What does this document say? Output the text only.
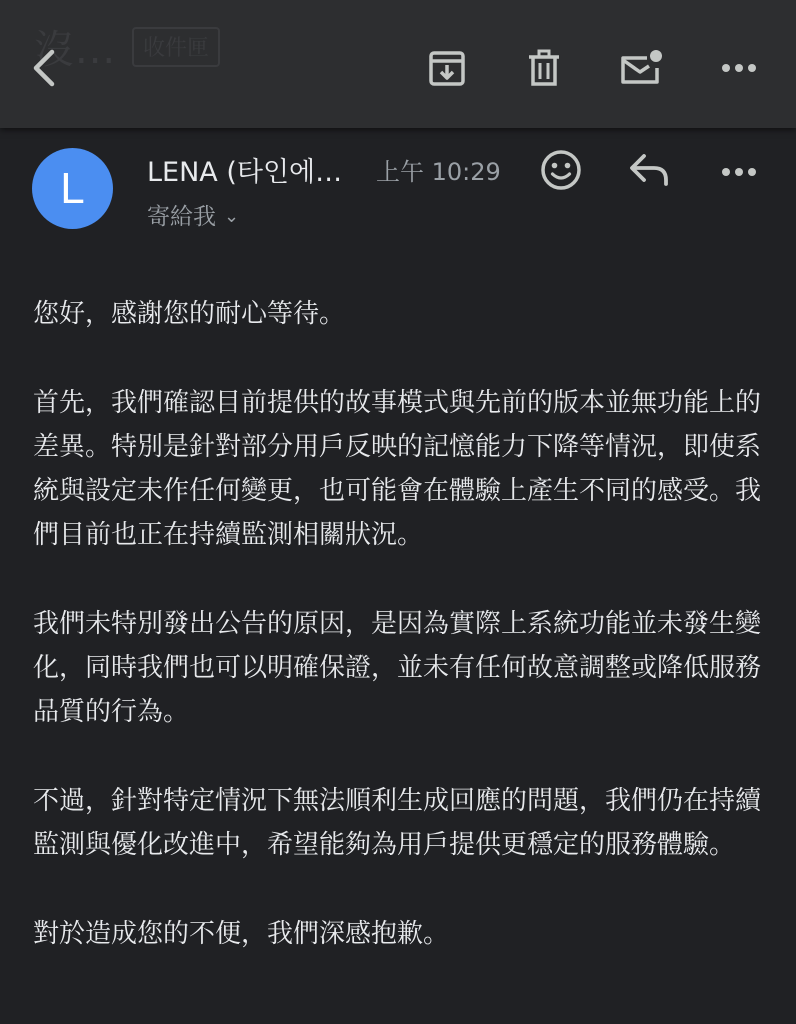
沒...	收件匣
L	LENA (타인에… 上午 10:29
寄給我 ⌄

您好，感謝您的耐心等待。

首先，我們確認目前提供的故事模式與先前的版本並無功能上的差異。特別是針對部分用戶反映的記憶能力下降等情況，即使系統與設定未作任何變更，也可能會在體驗上產生不同的感受。我們目前也正在持續監測相關狀況。

我們未特別發出公告的原因，是因為實際上系統功能並未發生變化，同時我們也可以明確保證，並未有任何故意調整或降低服務品質的行為。

不過，針對特定情況下無法順利生成回應的問題，我們仍在持續監測與優化改進中，希望能夠為用戶提供更穩定的服務體驗。

對於造成您的不便，我們深感抱歉。
